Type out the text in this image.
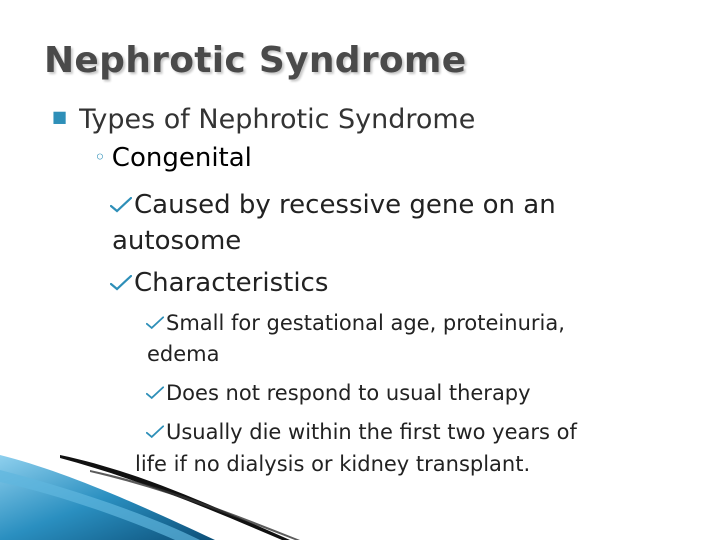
Nephrotic Syndrome
■ Types of Nephrotic Syndrome
◦ Congenital
Caused by recessive gene on an
autosome
Characteristics
Small for gestational age, proteinuria,
edema
Does not respond to usual therapy
Usually die within the first two years of
life if no dialysis or kidney transplant.
